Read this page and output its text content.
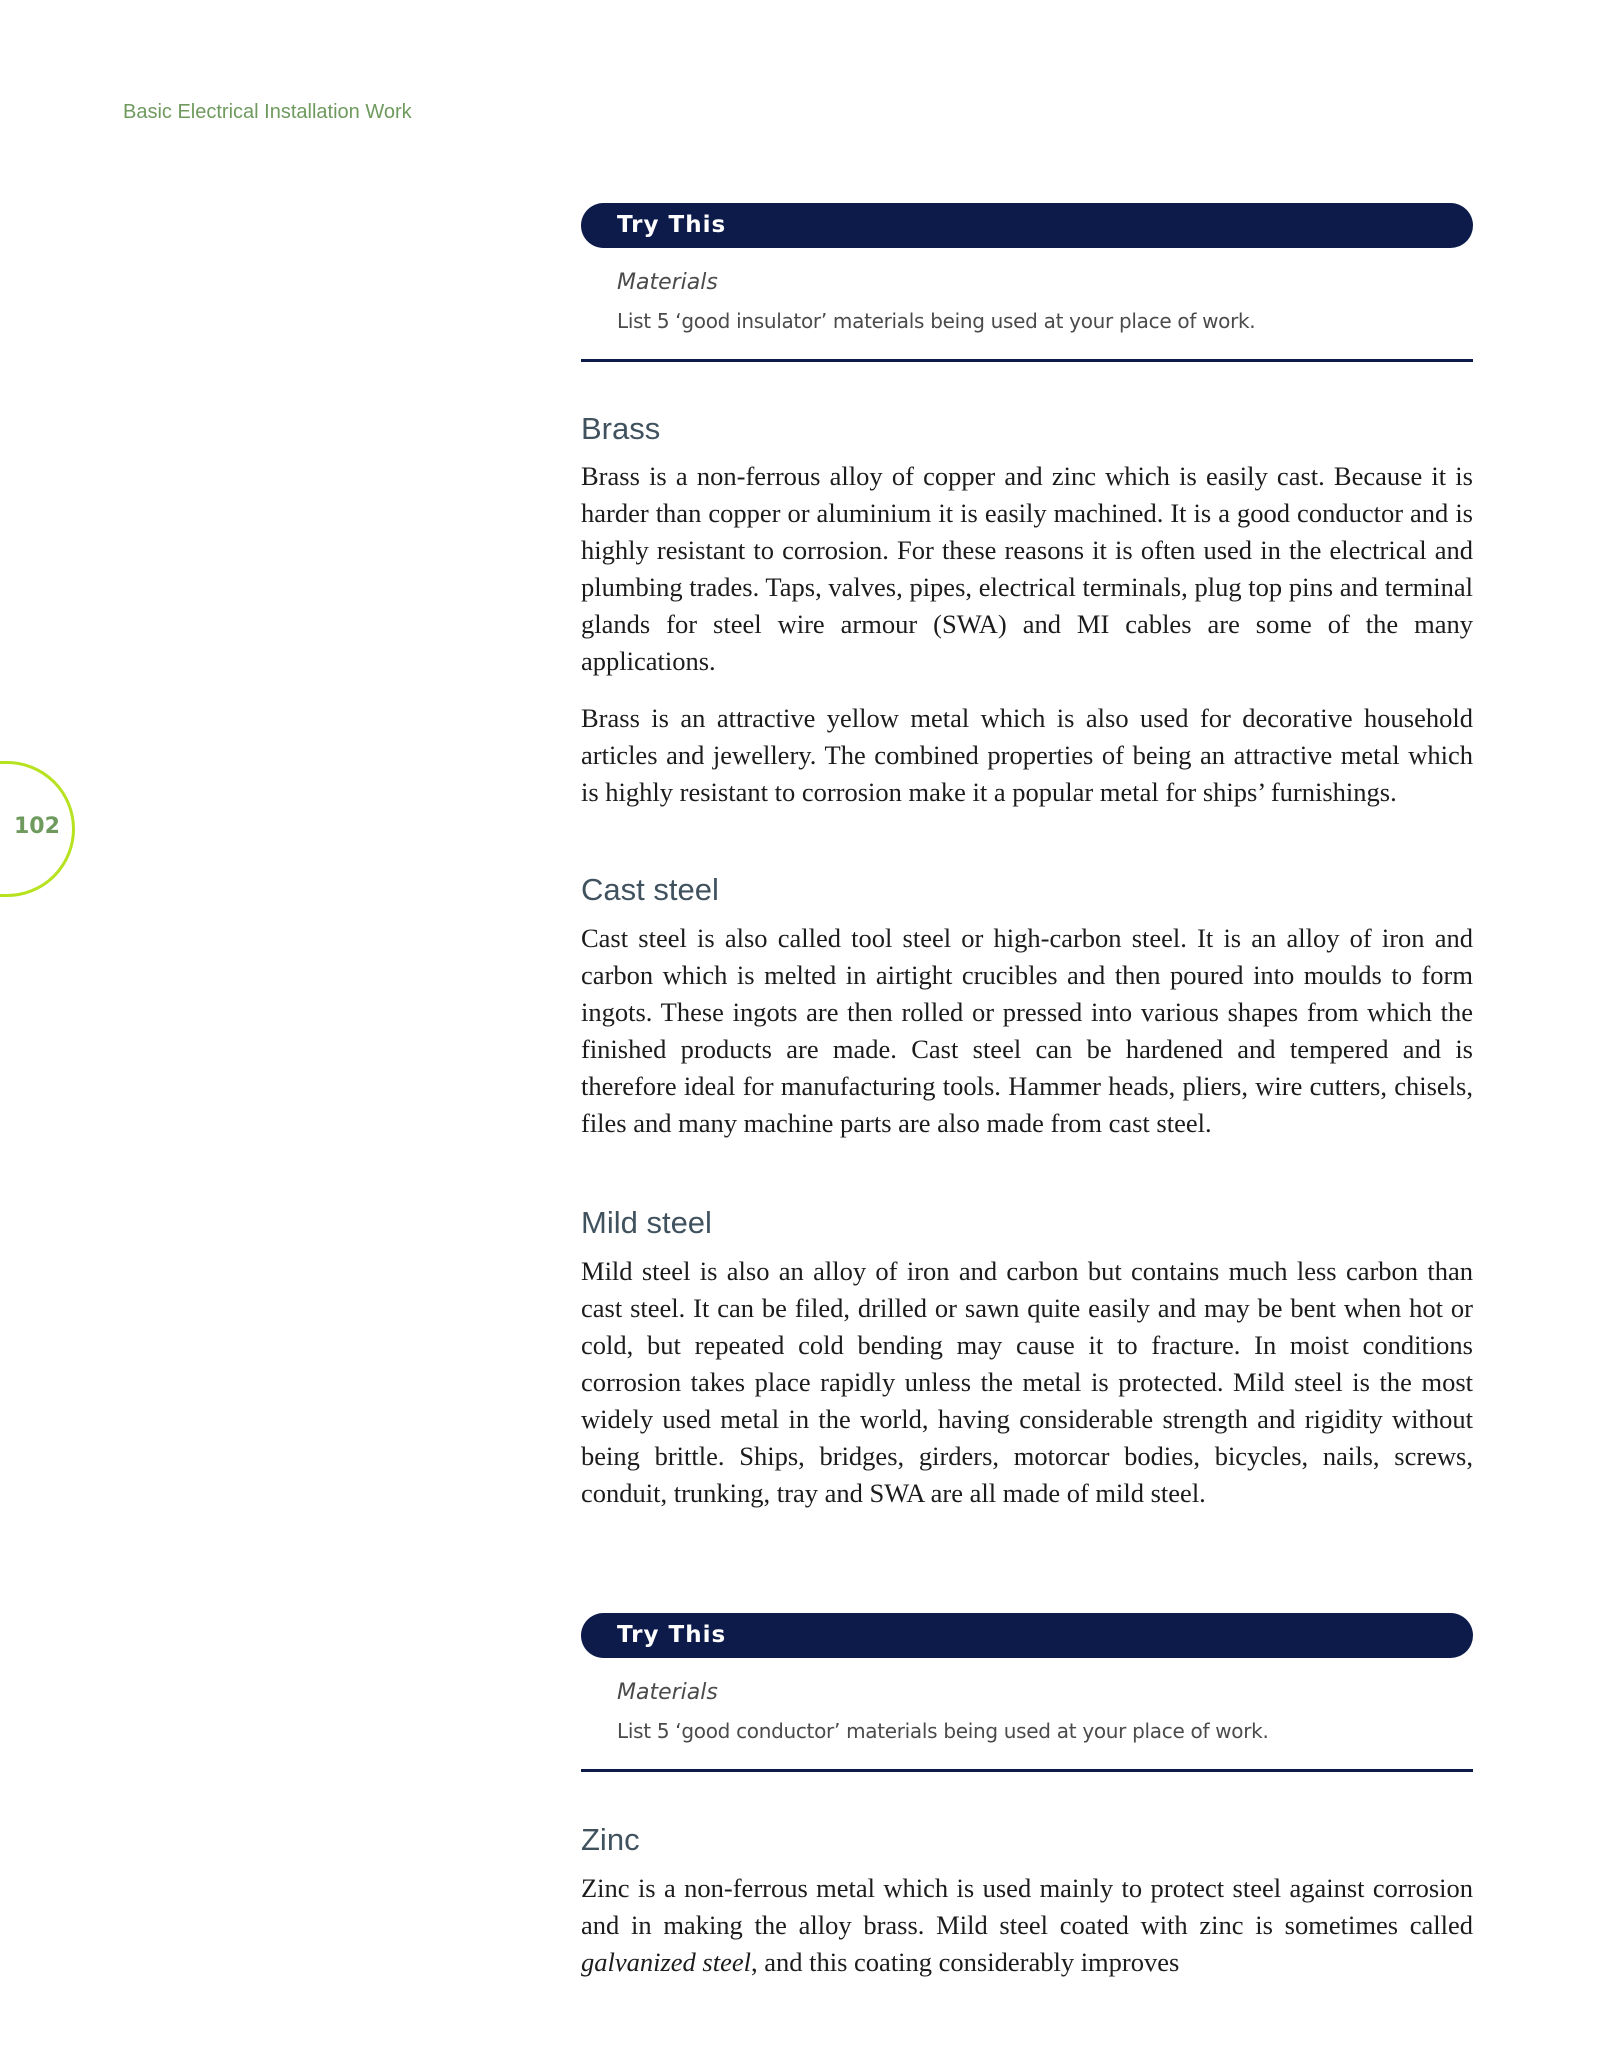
Basic Electrical Installation Work
102
Try This
Materials
List 5 ‘good insulator’ materials being used at your place of work.
Brass

Brass is a non-ferrous alloy of copper and zinc which is easily cast. Because it is harder than copper or aluminium it is easily machined. It is a good conductor and is highly resistant to corrosion. For these reasons it is often used in the electrical and plumbing trades. Taps, valves, pipes, electrical terminals, plug top pins and terminal glands for steel wire armour (SWA) and MI cables are some of the many applications.

Brass is an attractive yellow metal which is also used for decorative household articles and jewellery. The combined properties of being an attractive metal which is highly resistant to corrosion make it a popular metal for ships’ furnishings.

Cast steel

Cast steel is also called tool steel or high-carbon steel. It is an alloy of iron and carbon which is melted in airtight crucibles and then poured into moulds to form ingots. These ingots are then rolled or pressed into various shapes from which the finished products are made. Cast steel can be hardened and tempered and is therefore ideal for manufacturing tools. Hammer heads, pliers, wire cutters, chisels, files and many machine parts are also made from cast steel.

Mild steel

Mild steel is also an alloy of iron and carbon but contains much less carbon than cast steel. It can be filed, drilled or sawn quite easily and may be bent when hot or cold, but repeated cold bending may cause it to fracture. In moist conditions corrosion takes place rapidly unless the metal is protected. Mild steel is the most widely used metal in the world, having considerable strength and rigidity without being brittle. Ships, bridges, girders, motorcar bodies, bicycles, nails, screws, conduit, trunking, tray and SWA are all made of mild steel.

Try This
Materials
List 5 ‘good conductor’ materials being used at your place of work.
Zinc

Zinc is a non-ferrous metal which is used mainly to protect steel against corrosion and in making the alloy brass. Mild steel coated with zinc is sometimes called galvanized steel, and this coating considerably improves
